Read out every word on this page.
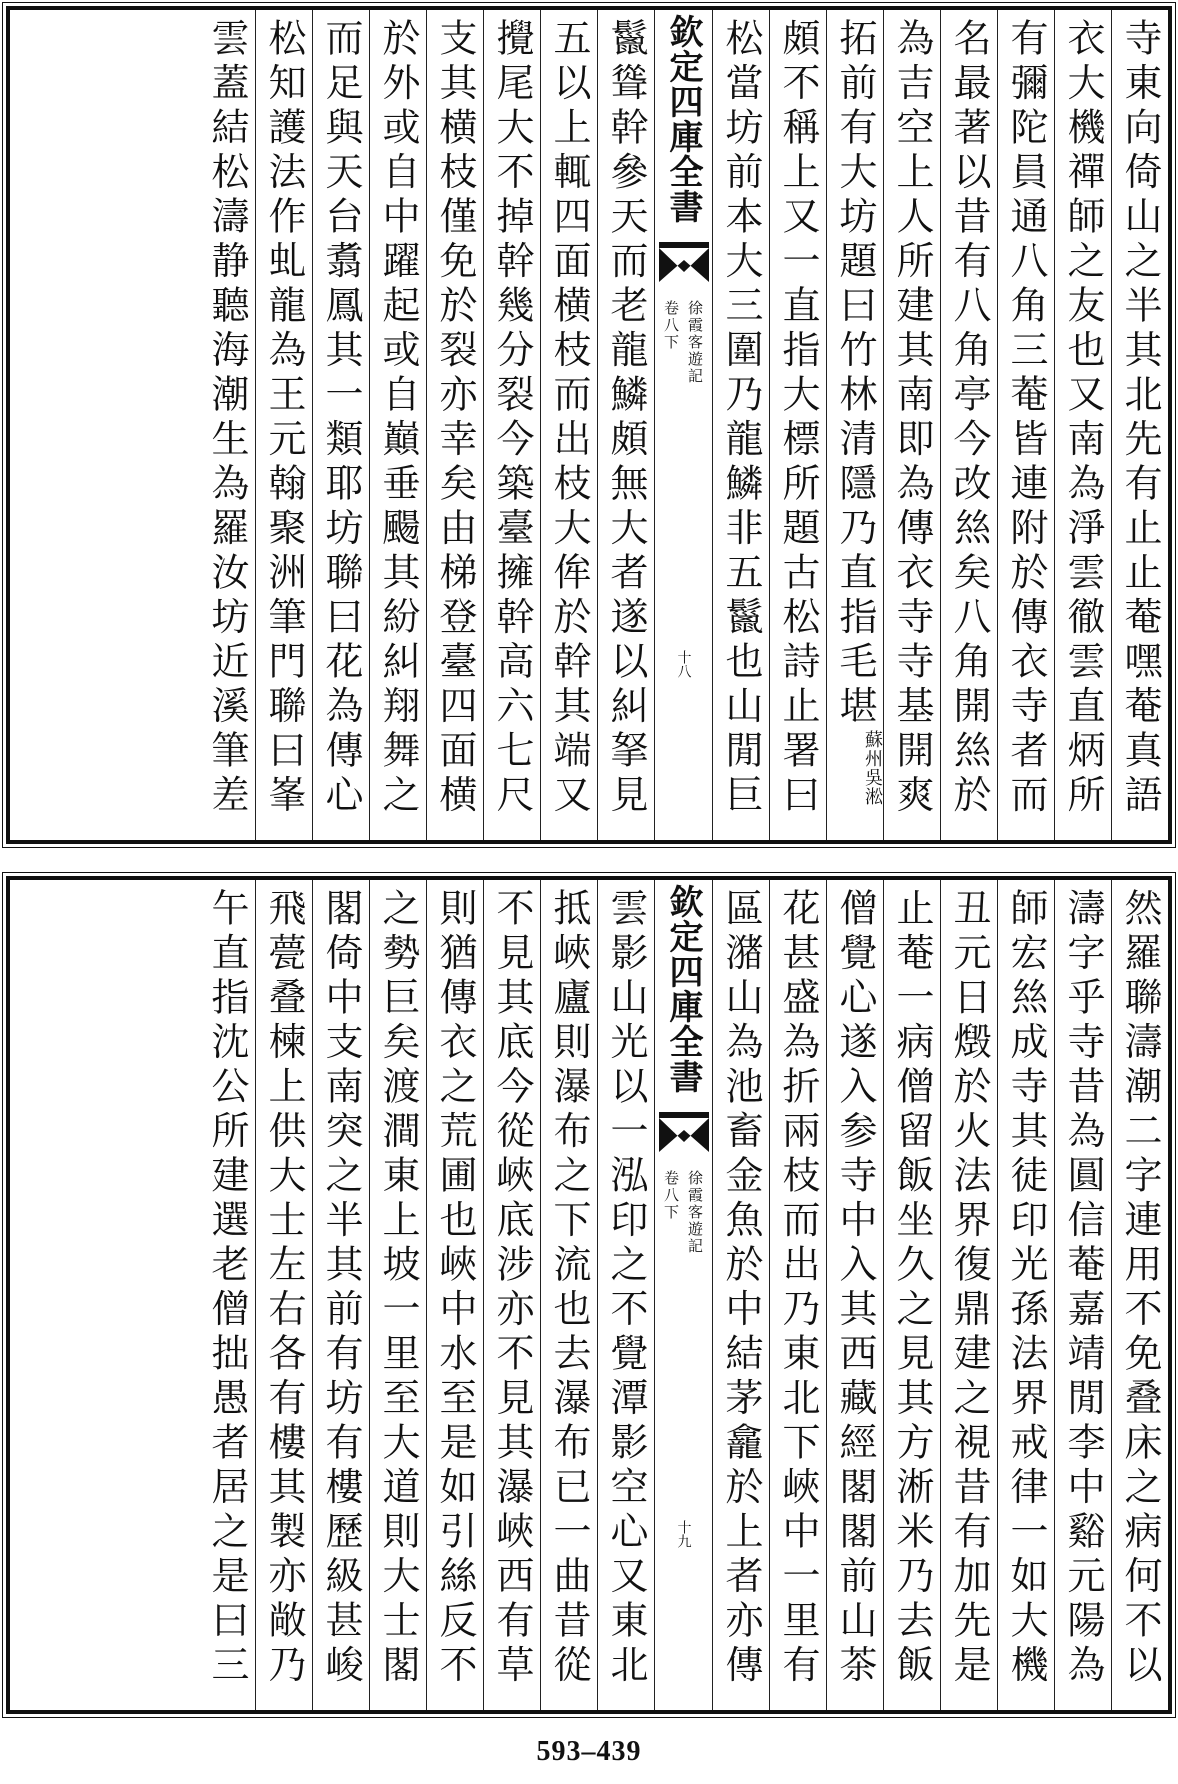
寺東向倚山之半其北先有止止菴嘿菴真語
衣大機禪師之友也又南為淨雲徹雲直炳所
有彌陀員通八角三菴皆連附於傳衣寺者而
名最著以昔有八角亭今改𢇁矣八角開𢇁於
為吉空上人所建其南即為傳衣寺寺基開爽
拓前有大坊題曰竹林清隱乃直指毛堪蘇州吳淞
頗不稱上又一直指大標所題古松詩止署曰
松當坊前本大三圍乃龍鱗非五鬣也山閒巨
欽定四庫全書
徐霞客遊記
卷八下
十八
鬣聳幹參天而老龍鱗頗無大者遂以糾拏見
五以上輒四面横枝而出枝大侔於幹其端又
攪尾大不掉幹幾分裂今築臺擁幹高六七尺
支其横枝僅免於裂亦幸矣由梯登臺四面横
於外或自中躍起或自巔垂颺其紛糾翔舞之
而足與天台翥鳳其一類耶坊聯曰花為傳心
松知護法作虬龍為王元翰聚洲筆門聯曰峯
雲蓋結松濤静聽海潮生為羅汝坊近溪筆差
然羅聯濤潮二字連用不免叠床之病何不以
濤字乎寺昔為圓信菴嘉靖閒李中谿元陽為
師宏𢇁成寺其徒印光孫法界戒律一如大機
丑元日燬於火法界復鼎建之視昔有加先是
止菴一病僧留飯坐久之見其方淅米乃去飯
僧覺心遂入参寺中入其西藏經閣閣前山茶
花甚盛為折兩枝而出乃東北下峽中一里有
區潴山為池畜金魚於中結茅龕於上者亦傳
欽定四庫全書
徐霞客遊記
卷八下
十九
雲影山光以一泓印之不覺潭影空心又東北
抵峽廬則瀑布之下流也去瀑布已一曲昔從
不見其底今從峽底涉亦不見其瀑峽西有草
則猶傳衣之荒圃也峽中水至是如引絲反不
之勢巨矣渡澗東上坡一里至大道則大士閣
閣倚中支南突之半其前有坊有樓歷級甚峻
飛甍叠楝上供大士左右各有樓其製亦敞乃
午直指沈公所建選老僧拙愚者居之是曰三
593–439
